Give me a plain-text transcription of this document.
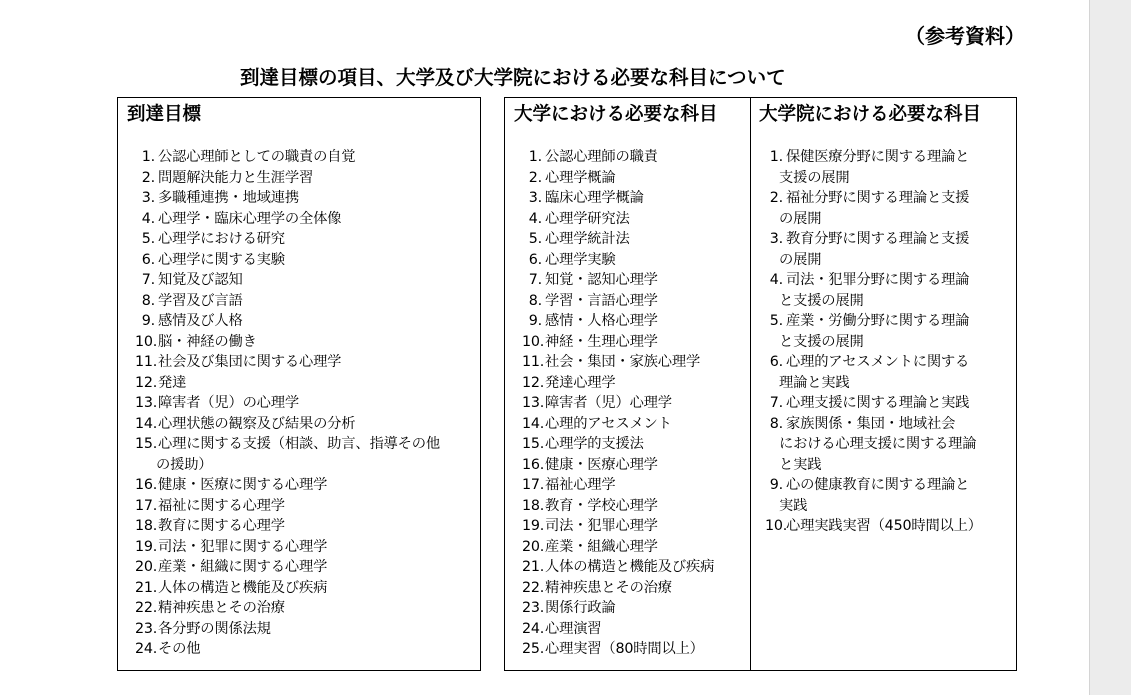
（参考資料）
到達目標の項目、大学及び大学院における必要な科目について
到達目標
1. 公認心理師としての職責の自覚
2. 問題解決能力と生涯学習
3. 多職種連携・地域連携
4. 心理学・臨床心理学の全体像
5. 心理学における研究
6. 心理学に関する実験
7. 知覚及び認知
8. 学習及び言語
9. 感情及び人格
10.脳・神経の働き
11.社会及び集団に関する心理学
12.発達
13.障害者（児）の心理学
14.心理状態の観察及び結果の分析
15.心理に関する支援（相談、助言、指導その他
の援助）
16.健康・医療に関する心理学
17.福祉に関する心理学
18.教育に関する心理学
19.司法・犯罪に関する心理学
20.産業・組織に関する心理学
21.人体の構造と機能及び疾病
22.精神疾患とその治療
23.各分野の関係法規
24.その他
大学における必要な科目
1. 公認心理師の職責
2. 心理学概論
3. 臨床心理学概論
4. 心理学研究法
5. 心理学統計法
6. 心理学実験
7. 知覚・認知心理学
8. 学習・言語心理学
9. 感情・人格心理学
10.神経・生理心理学
11.社会・集団・家族心理学
12.発達心理学
13.障害者（児）心理学
14.心理的アセスメント
15.心理学的支援法
16.健康・医療心理学
17.福祉心理学
18.教育・学校心理学
19.司法・犯罪心理学
20.産業・組織心理学
21.人体の構造と機能及び疾病
22.精神疾患とその治療
23.関係行政論
24.心理演習
25.心理実習（80時間以上）
大学院における必要な科目
1. 保健医療分野に関する理論と
支援の展開
2. 福祉分野に関する理論と支援
の展開
3. 教育分野に関する理論と支援
の展開
4. 司法・犯罪分野に関する理論
と支援の展開
5. 産業・労働分野に関する理論
と支援の展開
6. 心理的アセスメントに関する
理論と実践
7. 心理支援に関する理論と実践
8. 家族関係・集団・地域社会
における心理支援に関する理論
と実践
9. 心の健康教育に関する理論と
実践
10.心理実践実習（450時間以上）
